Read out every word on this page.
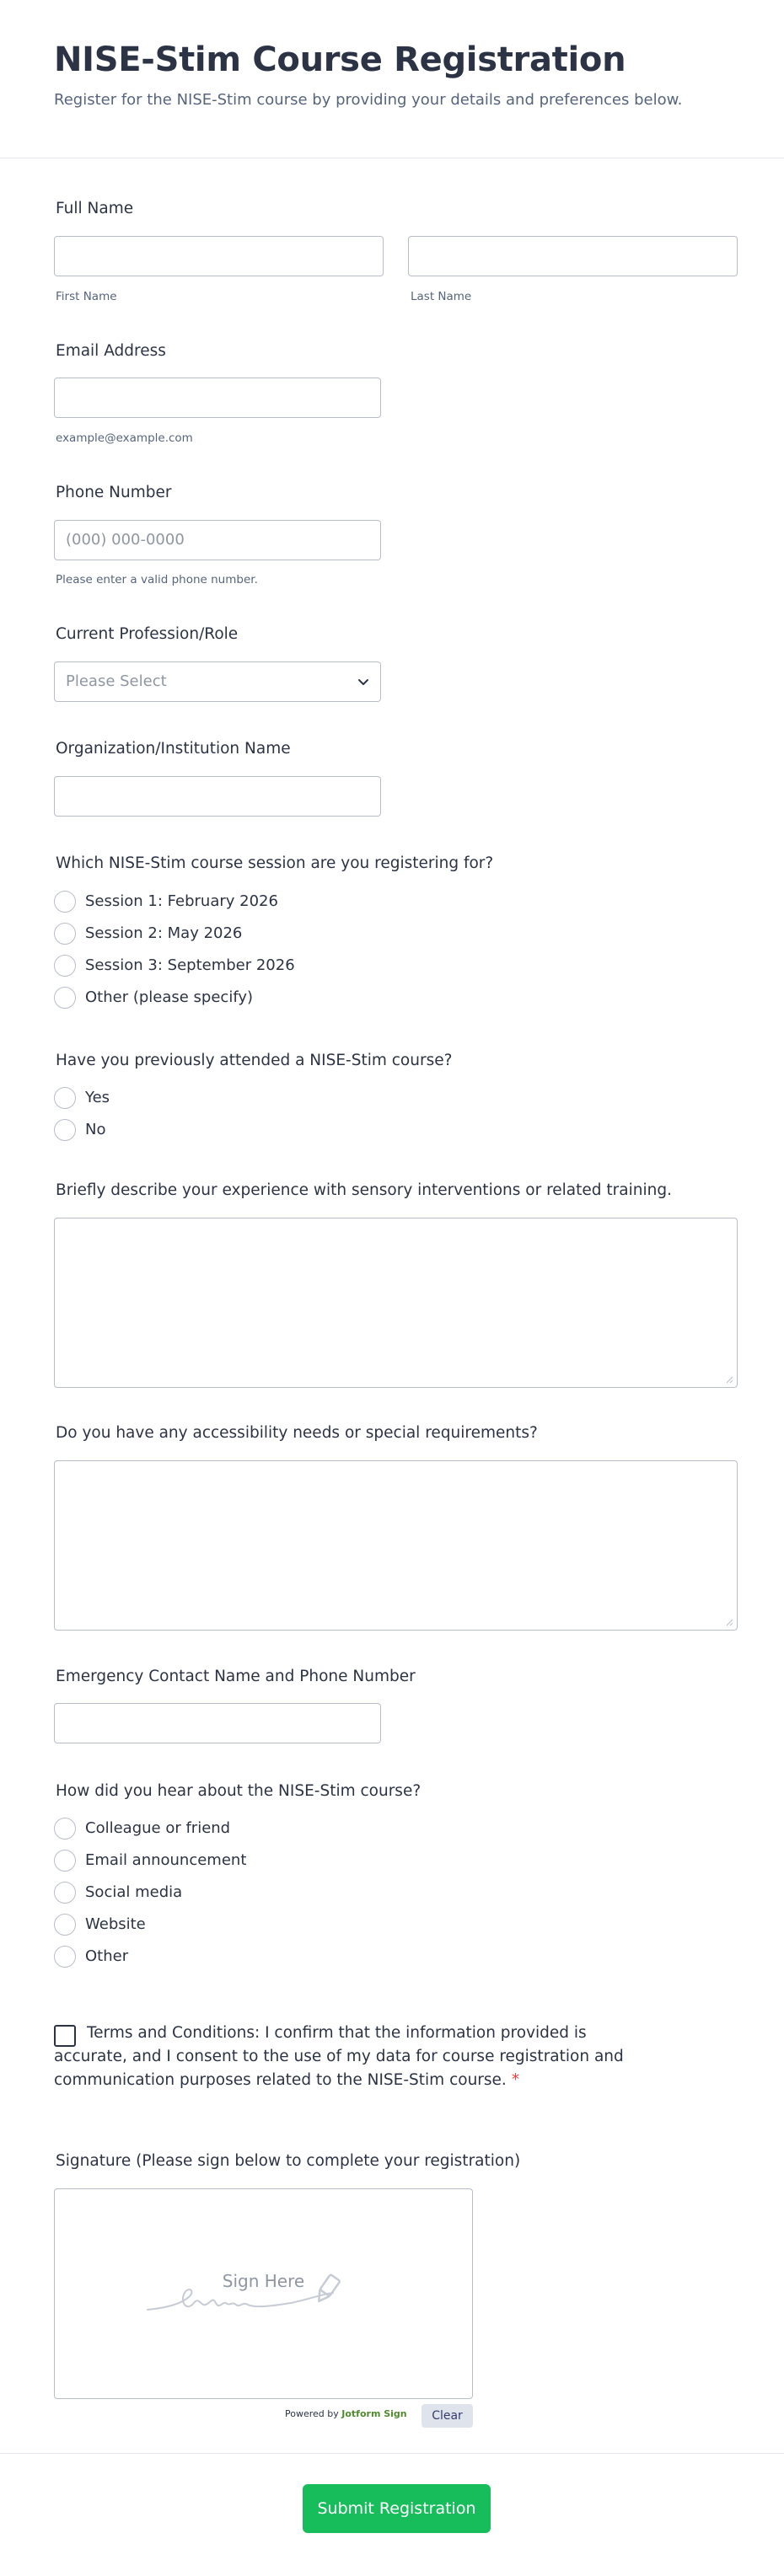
NISE-Stim Course Registration
Register for the NISE-Stim course by providing your details and preferences below.
Full Name
First Name	Last Name
Email Address
example@example.com
Phone Number
(000) 000-0000
Please enter a valid phone number.
Current Profession/Role
Please Select
Organization/Institution Name
Which NISE-Stim course session are you registering for?
Session 1: February 2026
Session 2: May 2026
Session 3: September 2026
Other (please specify)
Have you previously attended a NISE-Stim course?
Yes
No
Briefly describe your experience with sensory interventions or related training.
Do you have any accessibility needs or special requirements?
Emergency Contact Name and Phone Number
How did you hear about the NISE-Stim course?
Colleague or friend
Email announcement
Social media
Website
Other
Terms and Conditions: I confirm that the information provided is accurate, and I consent to the use of my data for course registration and communication purposes related to the NISE-Stim course. *
Signature (Please sign below to complete your registration)
Sign Here
Powered by Jotform Sign	Clear
Submit Registration
